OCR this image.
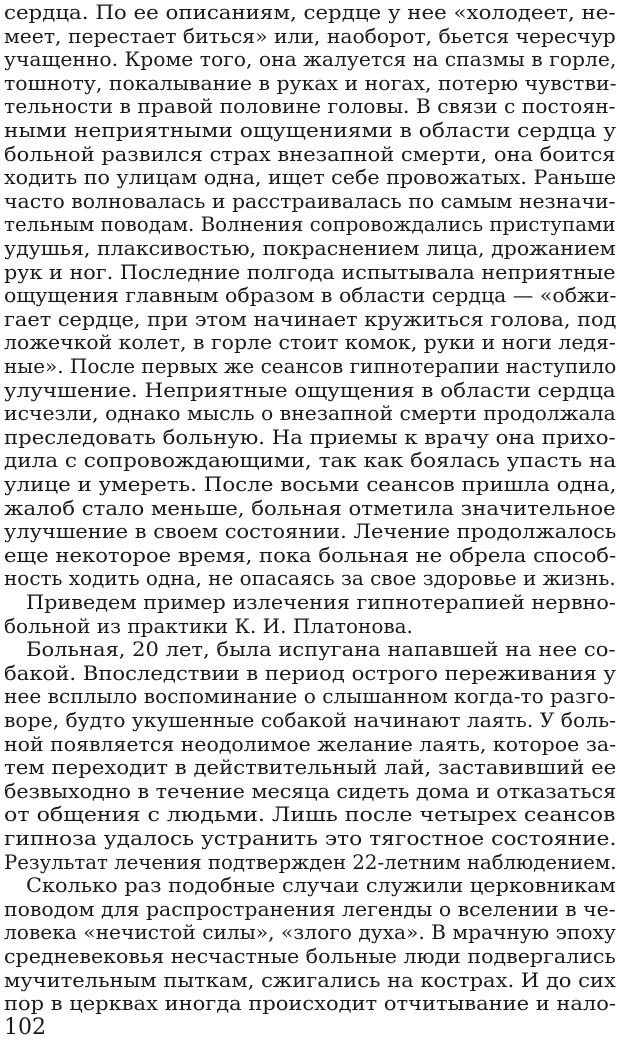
сердца. По ее описаниям, сердце у нее «холодеет, не-
меет, перестает биться» или, наоборот, бьется чересчур
учащенно. Кроме того, она жалуется на спазмы в горле,
тошноту, покалывание в руках и ногах, потерю чувстви-
тельности в правой половине головы. В связи с постоян-
ными неприятными ощущениями в области сердца у
больной развился страх внезапной смерти, она боится
ходить по улицам одна, ищет себе провожатых. Раньше
часто волновалась и расстраивалась по самым незначи-
тельным поводам. Волнения сопровождались приступами
удушья, плаксивостью, покраснением лица, дрожанием
рук и ног. Последние полгода испытывала неприятные
ощущения главным образом в области сердца — «обжи-
гает сердце, при этом начинает кружиться голова, под
ложечкой колет, в горле стоит комок, руки и ноги ледя-
ные». После первых же сеансов гипнотерапии наступило
улучшение. Неприятные ощущения в области сердца
исчезли, однако мысль о внезапной смерти продолжала
преследовать больную. На приемы к врачу она прихо-
дила с сопровождающими, так как боялась упасть на
улице и умереть. После восьми сеансов пришла одна,
жалоб стало меньше, больная отметила значительное
улучшение в своем состоянии. Лечение продолжалось
еще некоторое время, пока больная не обрела способ-
ность ходить одна, не опасаясь за свое здоровье и жизнь.
Приведем пример излечения гипнотерапией нервно-
больной из практики К. И. Платонова.
Больная, 20 лет, была испугана напавшей на нее со-
бакой. Впоследствии в период острого переживания у
нее всплыло воспоминание о слышанном когда-то разго-
воре, будто укушенные собакой начинают лаять. У боль-
ной появляется неодолимое желание лаять, которое за-
тем переходит в действительный лай, заставивший ее
безвыходно в течение месяца сидеть дома и отказаться
от общения с людьми. Лишь после четырех сеансов
гипноза удалось устранить это тягостное состояние.
Результат лечения подтвержден 22-летним наблюдением.
Сколько раз подобные случаи служили церковникам
поводом для распространения легенды о вселении в че-
ловека «нечистой силы», «злого духа». В мрачную эпоху
средневековья несчастные больные люди подвергались
мучительным пыткам, сжигались на кострах. И до сих
пор в церквах иногда происходит отчитывание и нало-
102
